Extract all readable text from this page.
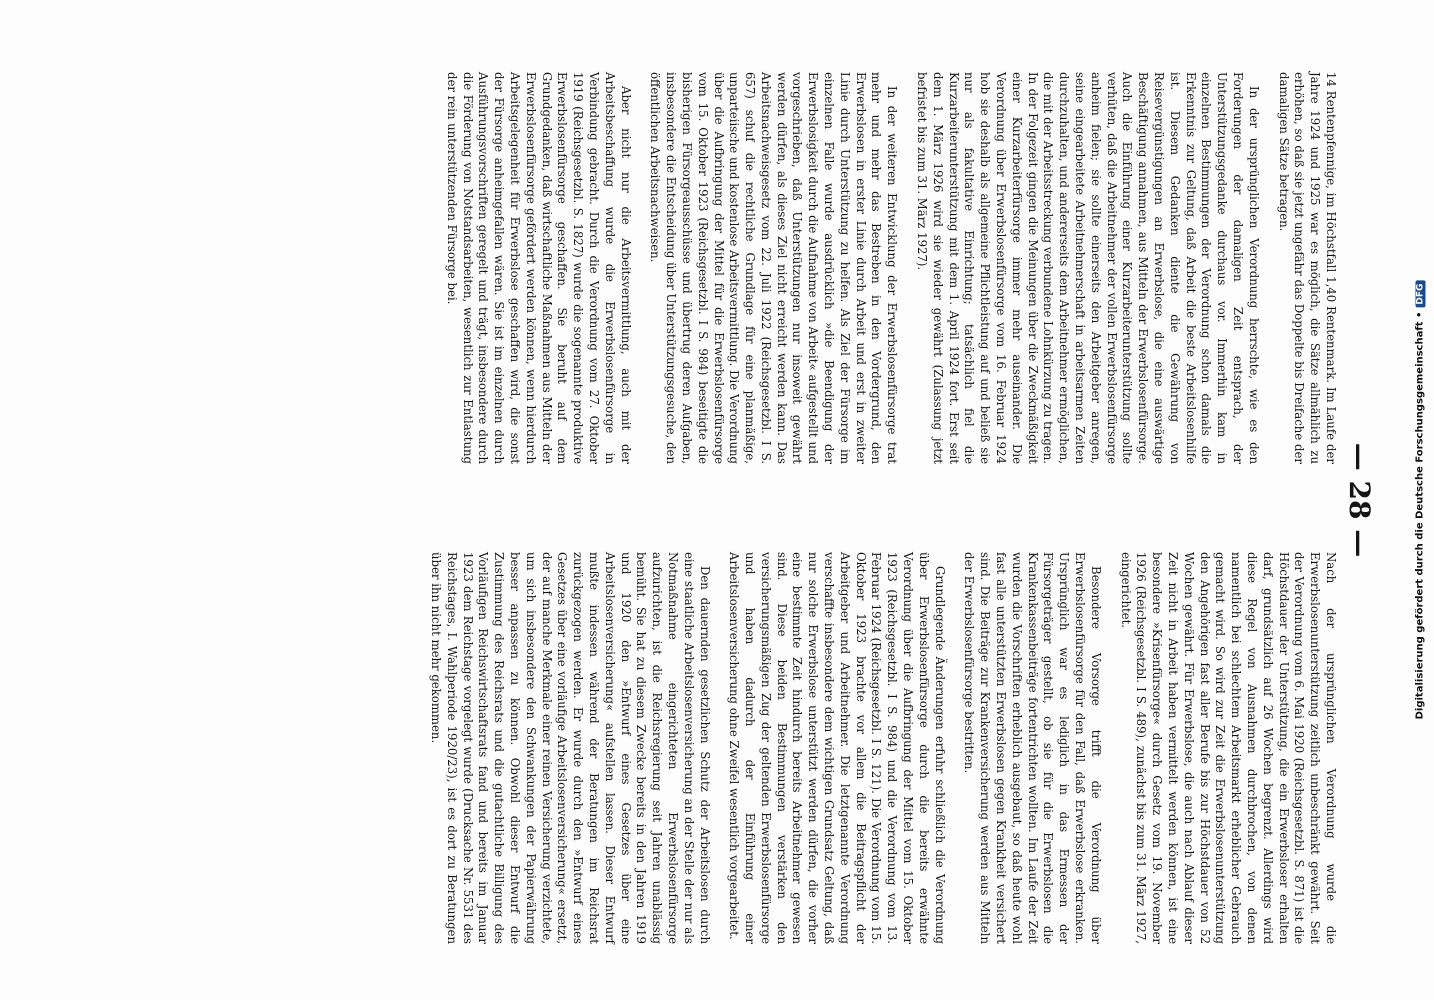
— 28 —

14 Rentenpfennige, im Höchstfall 1,40 Rentenmark. Im Laufe der Jahre 1924 und 1925 war es möglich, die Sätze allmählich zu erhöhen, so daß sie jetzt ungefähr das Doppelte bis Dreifache der damaligen Sätze betragen.

In der ursprünglichen Verordnung herrschte, wie es den Forderungen der damaligen Zeit entsprach, der Unterstützungsgedanke durchaus vor. Immerhin kam in einzelnen Bestimmungen der Verordnung schon damals die Erkenntnis zur Geltung, daß Arbeit die beste Arbeitslosenhilfe ist. Diesem Gedanken diente die Gewährung von Reisevergünstigungen an Erwerbslose, die eine auswärtige Beschäftigung annahmen, aus Mitteln der Erwerbslosenfürsorge. Auch die Einführung einer Kurzarbeiterunterstützung sollte verhüten, daß die Arbeitnehmer der vollen Erwerbslosenfürsorge anheim fielen; sie sollte einerseits den Arbeitgeber anregen, seine eingearbeitete Arbeitnehmerschaft in arbeitsarmen Zeiten durchzuhalten, und andererseits dem Arbeitnehmer ermöglichen, die mit der Arbeitsstreckung verbundene Lohnkürzung zu tragen. In der Folgezeit gingen die Meinungen über die Zweckmäßigkeit einer Kurzarbeiterfürsorge immer mehr auseinander. Die Verordnung über Erwerbslosenfürsorge vom 16. Februar 1924 hob sie deshalb als allgemeine Pflichtleistung auf und beließ sie nur als fakultative Einrichtung; tatsächlich fiel die Kurzarbeiterunterstützung mit dem 1. April 1924 fort. Erst seit dem 1. März 1926 wird sie wieder gewährt (Zulassung jetzt befristet bis zum 31. März 1927).

In der weiteren Entwicklung der Erwerbslosenfürsorge trat mehr und mehr das Bestreben in den Vordergrund, den Erwerbslosen in erster Linie durch Arbeit und erst in zweiter Linie durch Unterstützung zu helfen. Als Ziel der Fürsorge im einzelnen Falle wurde ausdrücklich »die Beendigung der Erwerbslosigkeit durch die Aufnahme von Arbeit« aufgestellt und vorgeschrieben, daß Unterstützungen nur insoweit gewährt werden dürfen, als dieses Ziel nicht erreicht werden kann. Das Arbeitsnachweisgesetz vom 22. Juli 1922 (Reichsgesetzbl. I S. 657) schuf die rechtliche Grundlage für eine planmäßige, unparteiische und kostenlose Arbeitsvermittlung. Die Verordnung über die Aufbringung der Mittel für die Erwerbslosenfürsorge vom 15. Oktober 1923 (Reichsgesetzbl. I S. 984) beseitigte die bisherigen Fürsorgeausschüsse und übertrug deren Aufgaben, insbesondere die Entscheidung über Unterstützungsgesuche, den öffentlichen Arbeitsnachweisen.

Aber nicht nur die Arbeitsvermittlung, auch mit der Arbeitsbeschaffung wurde die Erwerbslosenfürsorge in Verbindung gebracht. Durch die Verordnung vom 27. Oktober 1919 (Reichsgesetzbl. S. 1827) wurde die sogenannte produktive Erwerbslosenfürsorge geschaffen. Sie beruht auf dem Grundgedanken, daß wirtschaftliche Maßnahmen aus Mitteln der Erwerbslosenfürsorge gefördert werden können, wenn hierdurch Arbeitsgelegenheit für Erwerbslose geschaffen wird, die sonst der Fürsorge anheimgefallen wären. Sie ist im einzelnen durch Ausführungsvorschriften geregelt und trägt, insbesondere durch die Förderung von Notstandsarbeiten, wesentlich zur Entlastung der rein unterstützenden Fürsorge bei.

Nach der ursprünglichen Verordnung wurde die Erwerbslosenunterstützung zeitlich unbeschränkt gewährt. Seit der Verordnung vom 6. Mai 1920 (Reichsgesetzbl. S. 871) ist die Höchstdauer der Unterstützung, die ein Erwerbsloser erhalten darf, grundsätzlich auf 26 Wochen begrenzt. Allerdings wird diese Regel von Ausnahmen durchbrochen, von denen namentlich bei schlechtem Arbeitsmarkt erheblicher Gebrauch gemacht wird. So wird zur Zeit die Erwerbslosenunterstützung den Angehörigen fast aller Berufe bis zur Höchstdauer von 52 Wochen gewährt. Für Erwerbslose, die auch nach Ablauf dieser Zeit nicht in Arbeit haben vermittelt werden können, ist eine besondere »Krisenfürsorge« durch Gesetz vom 19. November 1926 (Reichsgesetzbl. I S. 489), zunächst bis zum 31. März 1927, eingerichtet.

Besondere Vorsorge trifft die Verordnung über Erwerbslosenfürsorge für den Fall, daß Erwerbslose erkranken. Ursprünglich war es lediglich in das Ermessen der Fürsorgeträger gestellt, ob sie für die Erwerbslosen die Krankenkassenbeiträge fortentrichten wollten. Im Laufe der Zeit wurden die Vorschriften erheblich ausgebaut, so daß heute wohl fast alle unterstützten Erwerbslosen gegen Krankheit versichert sind. Die Beiträge zur Krankenversicherung werden aus Mitteln der Erwerbslosenfürsorge bestritten.

Grundlegende Änderungen erfuhr schließlich die Verordnung über Erwerbslosenfürsorge durch die bereits erwähnte Verordnung über die Aufbringung der Mittel vom 15. Oktober 1923 (Reichsgesetzbl. I S. 984) und die Verordnung vom 13. Februar 1924 (Reichsgesetzbl. I S. 121). Die Verordnung vom 15. Oktober 1923 brachte vor allem die Beitragspflicht der Arbeitgeber und Arbeitnehmer. Die letztgenannte Verordnung verschaffte insbesondere dem wichtigen Grundsatz Geltung, daß nur solche Erwerbslose unterstützt werden dürfen, die vorher eine bestimmte Zeit hindurch bereits Arbeitnehmer gewesen sind. Diese beiden Bestimmungen verstärken den versicherungsmäßigen Zug der geltenden Erwerbslosenfürsorge und haben dadurch der Einführung einer Arbeitslosenversicherung ohne Zweifel wesentlich vorgearbeitet.

Den dauernden gesetzlichen Schutz der Arbeitslosen durch eine staatliche Arbeitslosenversicherung an der Stelle der nur als Notmaßnahme eingerichteten Erwerbslosenfürsorge aufzurichten, ist die Reichsregierung seit Jahren unablässig bemüht. Sie hat zu diesem Zwecke bereits in den Jahren 1919 und 1920 den »Entwurf eines Gesetzes über eine Arbeitslosenversicherung« aufstellen lassen. Dieser Entwurf mußte indessen während der Beratungen im Reichsrat zurückgezogen werden. Er wurde durch den »Entwurf eines Gesetzes über eine vorläufige Arbeitslosenversicherung« ersetzt, der auf manche Merkmale einer reinen Versicherung verzichtete, um sich insbesondere den Schwankungen der Papierwährung besser anpassen zu können. Obwohl dieser Entwurf die Zustimmung des Reichsrats und die gutachtliche Billigung des Vorläufigen Reichswirtschaftsrats fand und bereits im Januar 1923 dem Reichstage vorgelegt wurde (Drucksache Nr. 5531 des Reichstages, I. Wahlperiode 1920/23), ist es dort zu Beratungen über ihn nicht mehr gekommen.	Digitalisierung gefördert durch die Deutsche Forschungsgemeinschaft •DFG
